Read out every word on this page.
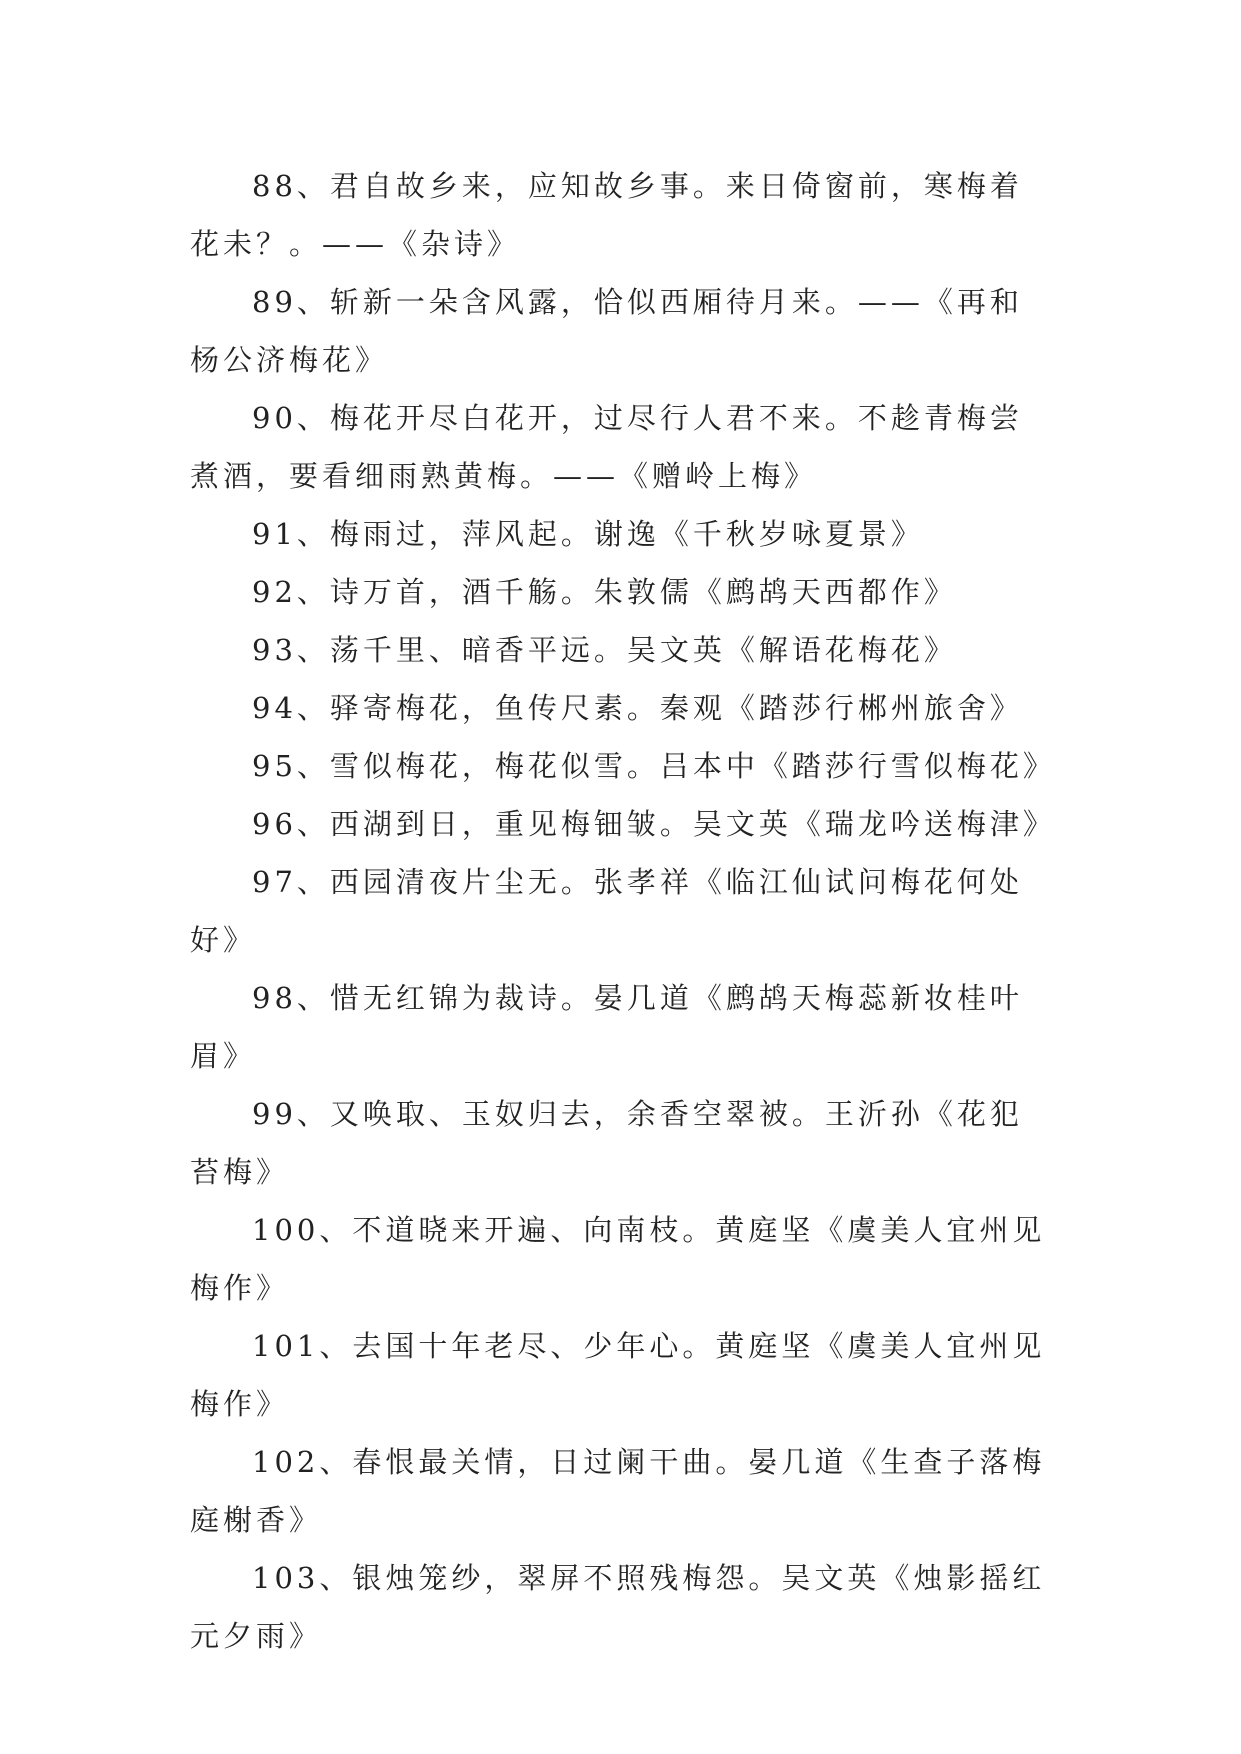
88、君自故乡来，应知故乡事。来日倚窗前，寒梅着花未？。——《杂诗》

89、斩新一朵含风露，恰似西厢待月来。——《再和杨公济梅花》

90、梅花开尽白花开，过尽行人君不来。不趁青梅尝煮酒，要看细雨熟黄梅。——《赠岭上梅》

91、梅雨过，萍风起。谢逸《千秋岁咏夏景》

92、诗万首，酒千觞。朱敦儒《鹧鸪天西都作》

93、荡千里、暗香平远。吴文英《解语花梅花》

94、驿寄梅花，鱼传尺素。秦观《踏莎行郴州旅舍》

95、雪似梅花，梅花似雪。吕本中《踏莎行雪似梅花》

96、西湖到日，重见梅钿皱。吴文英《瑞龙吟送梅津》

97、西园清夜片尘无。张孝祥《临江仙试问梅花何处好》

98、惜无红锦为裁诗。晏几道《鹧鸪天梅蕊新妆桂叶眉》

99、又唤取、玉奴归去，余香空翠被。王沂孙《花犯苔梅》

100、不道晓来开遍、向南枝。黄庭坚《虞美人宜州见梅作》

101、去国十年老尽、少年心。黄庭坚《虞美人宜州见梅作》

102、春恨最关情，日过阑干曲。晏几道《生查子落梅庭榭香》

103、银烛笼纱，翠屏不照残梅怨。吴文英《烛影摇红元夕雨》
